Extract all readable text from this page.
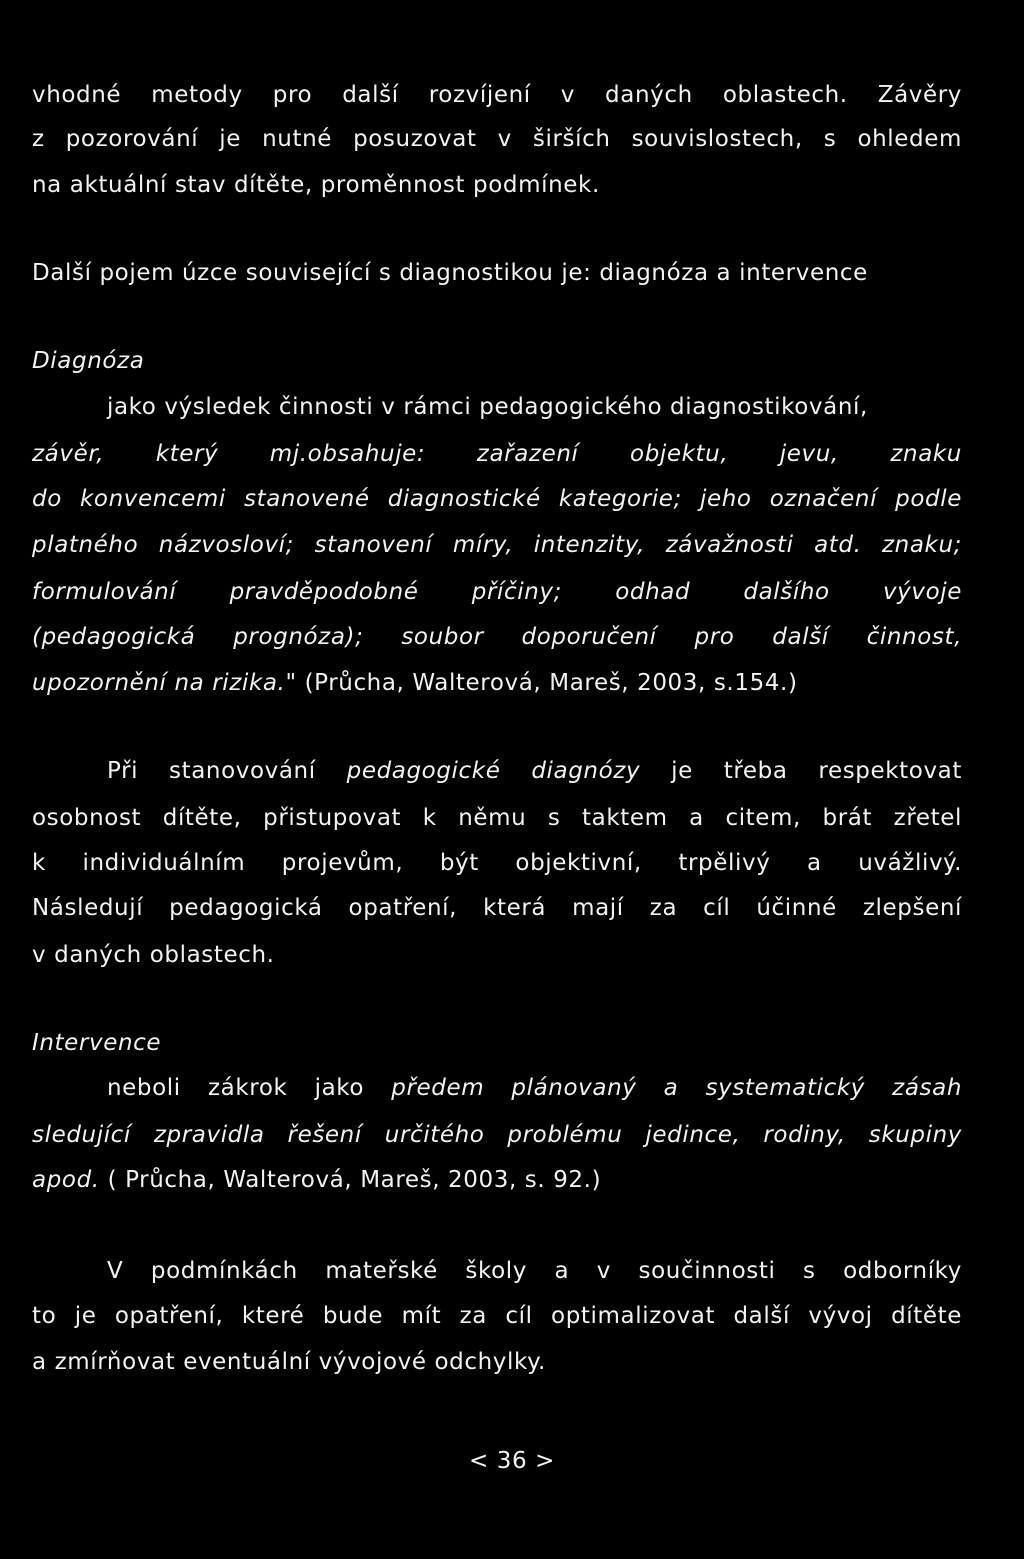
vhodné metody pro další rozvíjení v daných oblastech. Závěry
z pozorování je nutné posuzovat v širších souvislostech, s ohledem
na aktuální stav dítěte, proměnnost podmínek.
Další pojem úzce související s diagnostikou je: diagnóza a intervence
Diagnóza
jako výsledek činnosti v rámci pedagogického diagnostikování,
závěr, který mj.obsahuje: zařazení objektu, jevu, znaku
do konvencemi stanovené diagnostické kategorie; jeho označení podle
platného názvosloví; stanovení míry, intenzity, závažnosti atd. znaku;
formulování pravděpodobné příčiny; odhad dalšího vývoje
(pedagogická prognóza); soubor doporučení pro další činnost,
upozornění na rizika." (Průcha, Walterová, Mareš, 2003, s.154.)
Při stanovování pedagogické diagnózy je třeba respektovat
osobnost dítěte, přistupovat k němu s taktem a citem, brát zřetel
k individuálním projevům, být objektivní, trpělivý a uvážlivý.
Následují pedagogická opatření, která mají za cíl účinné zlepšení
v daných oblastech.
Intervence
neboli zákrok jako předem plánovaný a systematický zásah
sledující zpravidla řešení určitého problému jedince, rodiny, skupiny
apod. ( Průcha, Walterová, Mareš, 2003, s. 92.)
V podmínkách mateřské školy a v součinnosti s odborníky
to je opatření, které bude mít za cíl optimalizovat další vývoj dítěte
a zmírňovat eventuální vývojové odchylky.
< 36 >
